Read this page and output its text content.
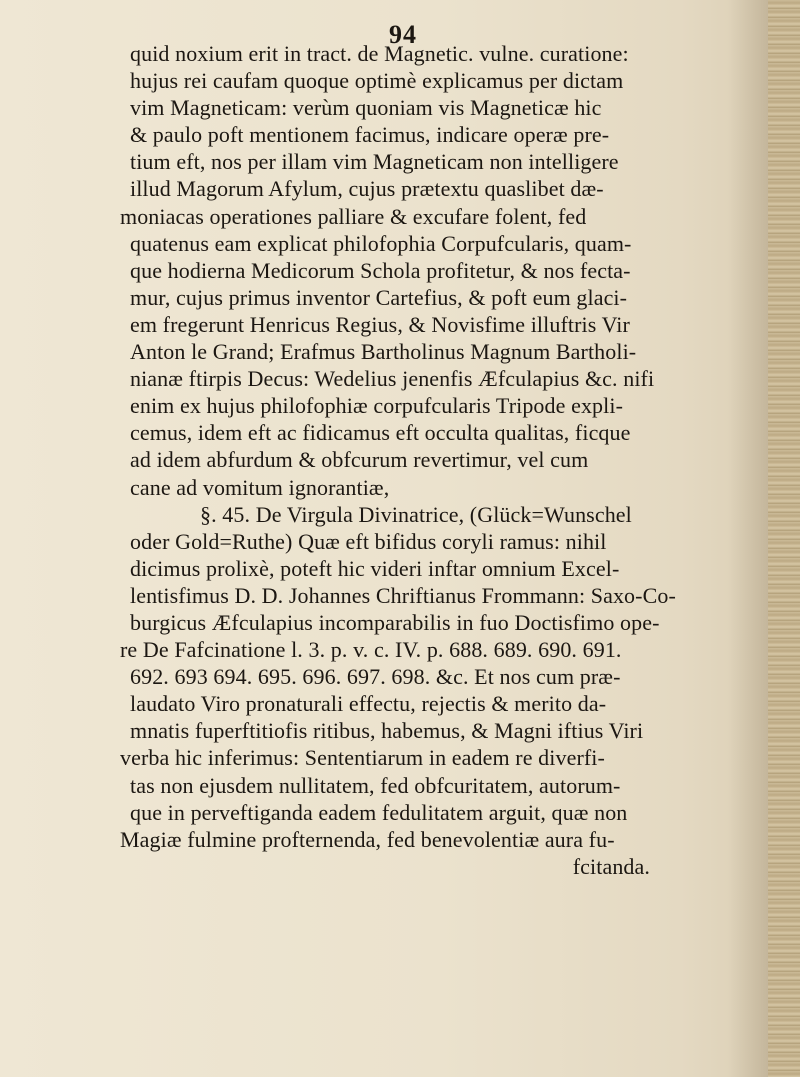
94
quid noxium erit in tract. de Magnetic. vulne. curatione:
hujus rei caufam quoque optimè explicamus per dictam
vim Magneticam: verùm quoniam vis Magneticæ hic
& paulo poft mentionem facimus, indicare operæ pre-
tium eft, nos per illam vim Magneticam non intelligere
illud Magorum Afylum, cujus prætextu quaslibet dæ-
moniacas operationes palliare & excufare folent, fed
quatenus eam explicat philofophia Corpufcularis, quam-
que hodierna Medicorum Schola profitetur, & nos fecta-
mur, cujus primus inventor Cartefius, & poft eum glaci-
em fregerunt Henricus Regius, & Novisfime illuftris Vir
Anton le Grand; Erafmus Bartholinus Magnum Bartholi-
nianæ ftirpis Decus: Wedelius jenenfis Æfculapius &c. nifi
enim ex hujus philofophiæ corpufcularis Tripode expli-
cemus, idem eft ac fidicamus eft occulta qualitas, ficque
ad idem abfurdum & obfcurum revertimur, vel cum
cane ad vomitum ignorantiæ,
§. 45. De Virgula Divinatrice, (Glück=Wunschel
oder Gold=Ruthe) Quæ eft bifidus coryli ramus: nihil
dicimus prolixè, poteft hic videri inftar omnium Excel-
lentisfimus D. D. Johannes Chriftianus Frommann: Saxo-Co-
burgicus Æfculapius incomparabilis in fuo Doctisfimo ope-
re De Fafcinatione l. 3. p. v. c. IV. p. 688. 689. 690. 691.
692. 693 694. 695. 696. 697. 698. &c. Et nos cum præ-
laudato Viro pronaturali effectu, rejectis & merito da-
mnatis fuperftitiofis ritibus, habemus, & Magni iftius Viri
verba hic inferimus: Sententiarum in eadem re diverfi-
tas non ejusdem nullitatem, fed obfcuritatem, autorum-
que in perveftiganda eadem fedulitatem arguit, quæ non
Magiæ fulmine profternenda, fed benevolentiæ aura fu-
fcitanda.
